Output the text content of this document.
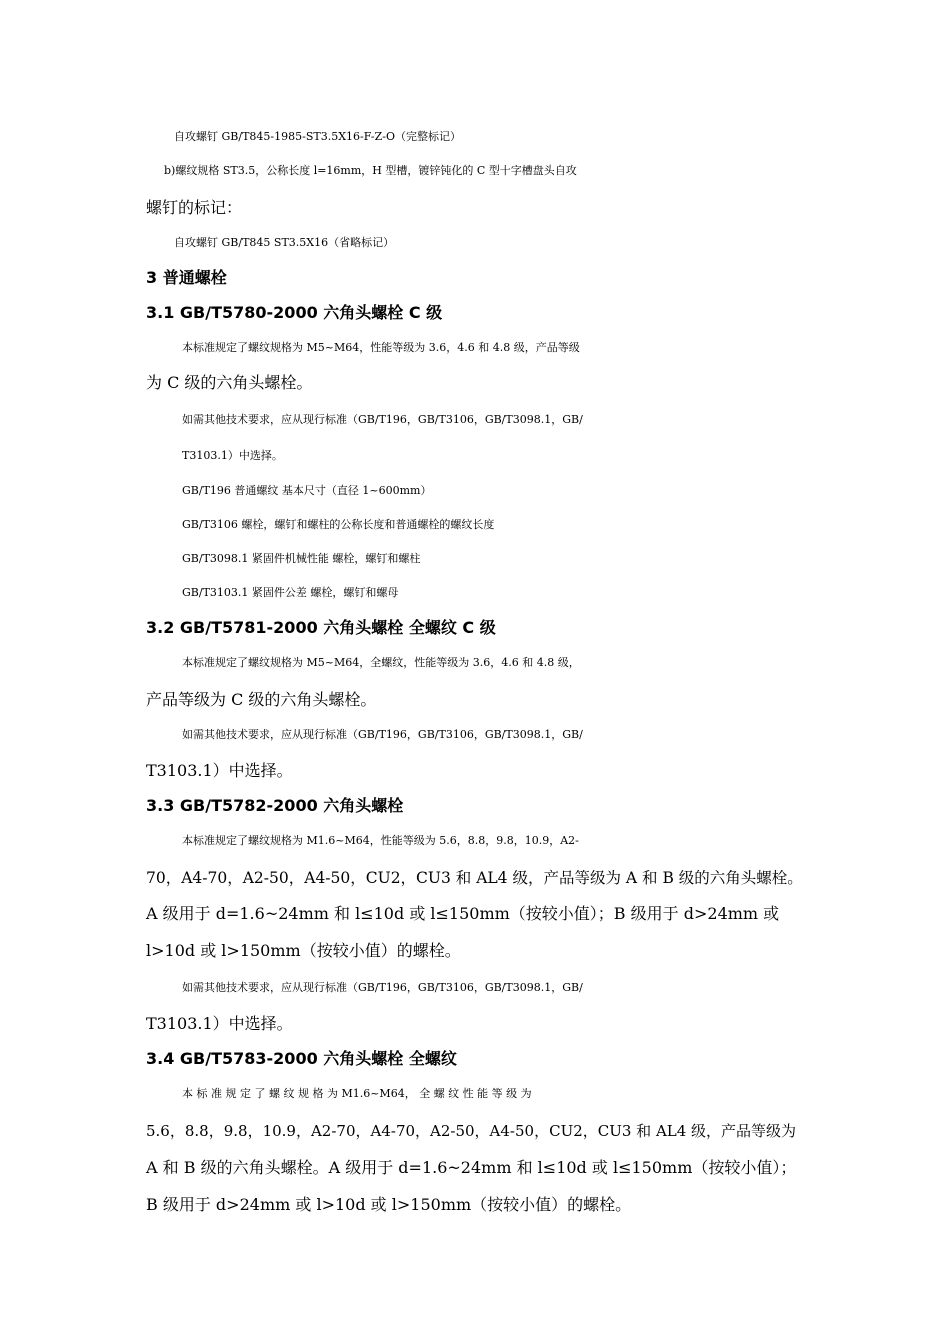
自攻螺钉 GB/T845-1985-ST3.5X16-F-Z-O（完整标记）
b)螺纹规格 ST3.5，公称长度 l=16mm，H 型槽，镀锌钝化的 C 型十字槽盘头自攻
螺钉的标记：
自攻螺钉 GB/T845 ST3.5X16（省略标记）
3 普通螺栓
3.1 GB/T5780-2000 六角头螺栓 C 级
本标准规定了螺纹规格为 M5~M64，性能等级为 3.6，4.6 和 4.8 级，产品等级
为 C 级的六角头螺栓。
如需其他技术要求，应从现行标准（GB/T196，GB/T3106，GB/T3098.1，GB/
T3103.1）中选择。
GB/T196 普通螺纹 基本尺寸（直径 1~600mm）
GB/T3106 螺栓，螺钉和螺柱的公称长度和普通螺栓的螺纹长度
GB/T3098.1 紧固件机械性能 螺栓，螺钉和螺柱
GB/T3103.1 紧固件公差 螺栓，螺钉和螺母
3.2 GB/T5781-2000 六角头螺栓 全螺纹 C 级
本标准规定了螺纹规格为 M5~M64，全螺纹，性能等级为 3.6，4.6 和 4.8 级，
产品等级为 C 级的六角头螺栓。
如需其他技术要求，应从现行标准（GB/T196，GB/T3106，GB/T3098.1，GB/
T3103.1）中选择。
3.3 GB/T5782-2000 六角头螺栓
本标准规定了螺纹规格为 M1.6~M64，性能等级为 5.6，8.8，9.8，10.9，A2-
70，A4-70，A2-50，A4-50，CU2，CU3 和 AL4 级，产品等级为 A 和 B 级的六角头螺栓。
A 级用于 d=1.6~24mm 和 l≤10d 或 l≤150mm（按较小值）；B 级用于 d>24mm 或
l>10d 或 l>150mm（按较小值）的螺栓。
如需其他技术要求，应从现行标准（GB/T196，GB/T3106，GB/T3098.1，GB/
T3103.1）中选择。
3.4 GB/T5783-2000 六角头螺栓 全螺纹
本 标 准 规 定 了 螺 纹 规 格 为 M1.6~M64， 全 螺 纹 性 能 等 级 为
5.6，8.8，9.8，10.9，A2-70，A4-70，A2-50，A4-50，CU2，CU3 和 AL4 级，产品等级为
A 和 B 级的六角头螺栓。A 级用于 d=1.6~24mm 和 l≤10d 或 l≤150mm（按较小值）；
B 级用于 d>24mm 或 l>10d 或 l>150mm（按较小值）的螺栓。
